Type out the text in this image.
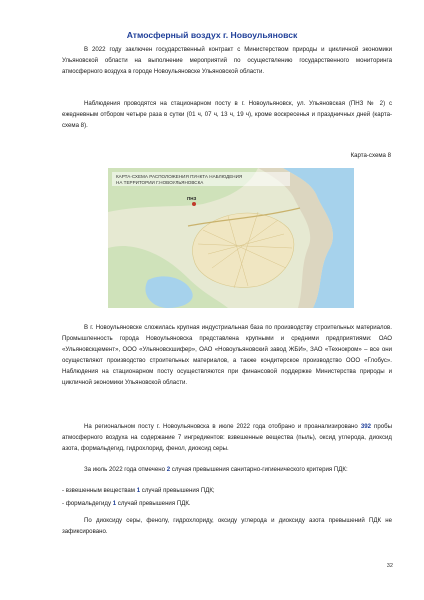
Атмосферный воздух г. Новоульяновск

В 2022 году заключен государственный контракт с Министерством природы и цикличной экономики Ульяновской области на выполнение мероприятий по осуществлению государственного мониторинга атмосферного воздуха в городе Новоульяновске Ульяновской области.

Наблюдения проводятся на стационарном посту в г. Новоульяновск, ул. Ульяновская (ПНЗ № 2) с ежедневным отбором четыре раза в сутки (01 ч, 07 ч, 13 ч, 19 ч), кроме воскресенья и праздничных дней (карта-схема 8).

Карта-схема 8
КАРТА-СХЕМА РАСПОЛОЖЕНИЯ ПУНКТА НАБЛЮДЕНИЯ
НА ТЕРРИТОРИИ Г.НОВОУЛЬЯНОВСКА
ПНЗ

В г. Новоульяновске сложилась крупная индустриальная база по производству строительных материалов. Промышленность города Новоульяновска представлена крупными и средними предприятиями: ОАО «Ульяновскцемент», ООО «Ульяновскшифер», ОАО «Новоульяновский завод ЖБИ», ЗАО «Технокром» – все они осуществляют производство строительных материалов, а также кондитерское производство ООО «Глобус». Наблюдения на стационарном посту осуществляются при финансовой поддержке Министерства природы и цикличной экономики Ульяновской области.

На региональном посту г. Новоульяновска в июле 2022 года отобрано и проанализировано 392 пробы атмосферного воздуха на содержание 7 ингредиентов: взвешенные вещества (пыль), оксид углерода, диоксид азота, формальдегид, гидрохлорид, фенол, диоксид серы.

За июль 2022 года отмечено 2 случая превышения санитарно-гигиенического критерия ПДК:

- взвешенным веществам 1 случай превышения ПДК;
- формальдегиду 1 случай превышения ПДК.

По диоксиду серы, фенолу, гидрохлориду, оксиду углерода и диоксиду азота превышений ПДК не зафиксировано.

32
